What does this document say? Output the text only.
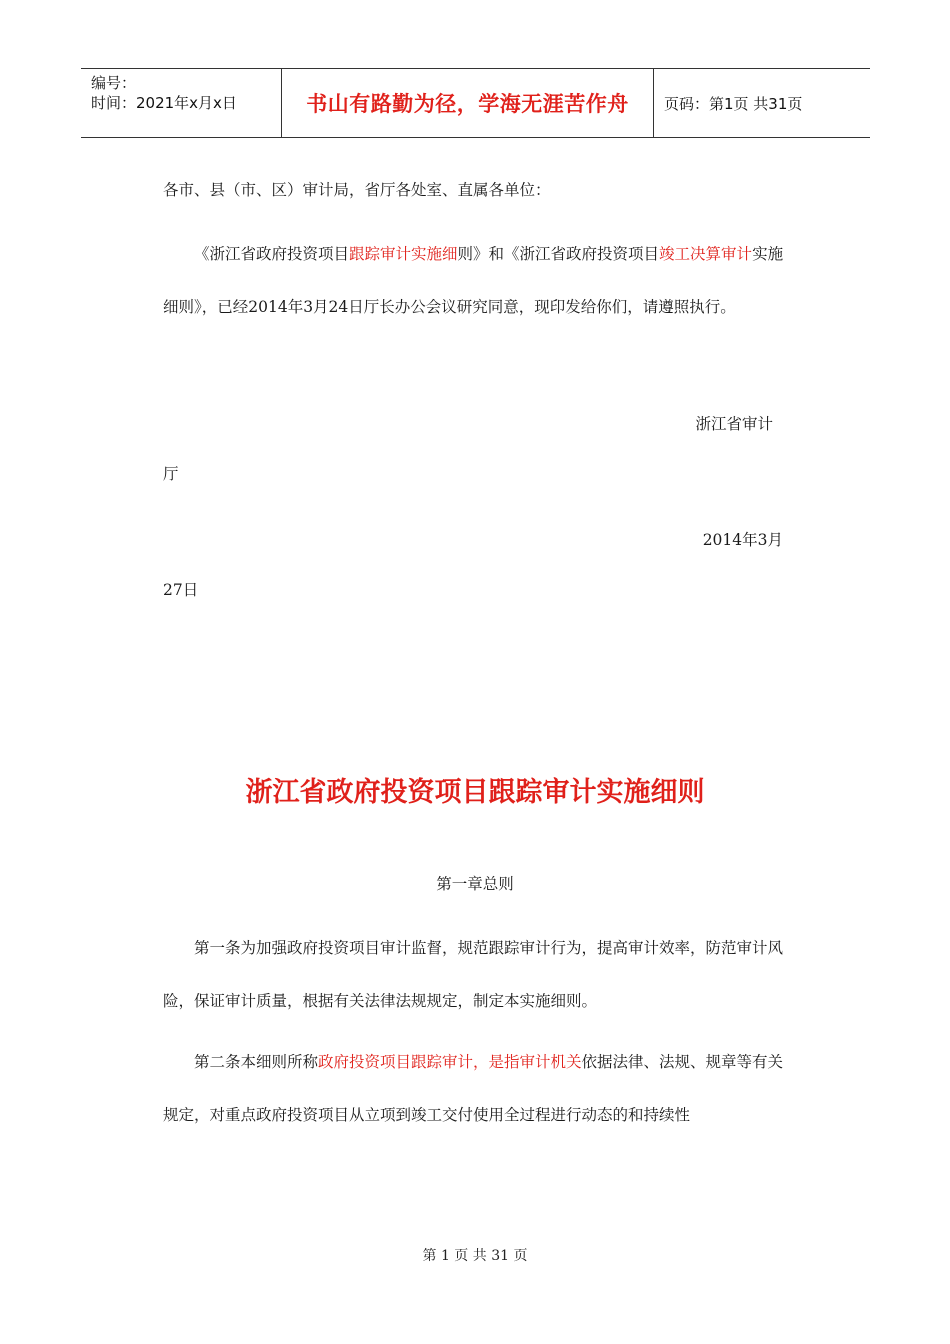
编号：
时间：2021年x月x日	书山有路勤为径，学海无涯苦作舟 页码：第1页 共31页

各市、县（市、区）审计局，省厅各处室、直属各单位：

《浙江省政府投资项目跟踪审计实施细则》和《浙江省政府投资项目竣工决算审计实施细则》，已经2014年3月24日厅长办公会议研究同意，现印发给你们，请遵照执行。

浙江省审计

厅

2014年3月

27日

浙江省政府投资项目跟踪审计实施细则
第一章总则

第一条为加强政府投资项目审计监督，规范跟踪审计行为，提高审计效率，防范审计风险，保证审计质量，根据有关法律法规规定，制定本实施细则。

第二条本细则所称政府投资项目跟踪审计，是指审计机关依据法律、法规、规章等有关规定，对重点政府投资项目从立项到竣工交付使用全过程进行动态的和持续性

第 1 页 共 31 页
